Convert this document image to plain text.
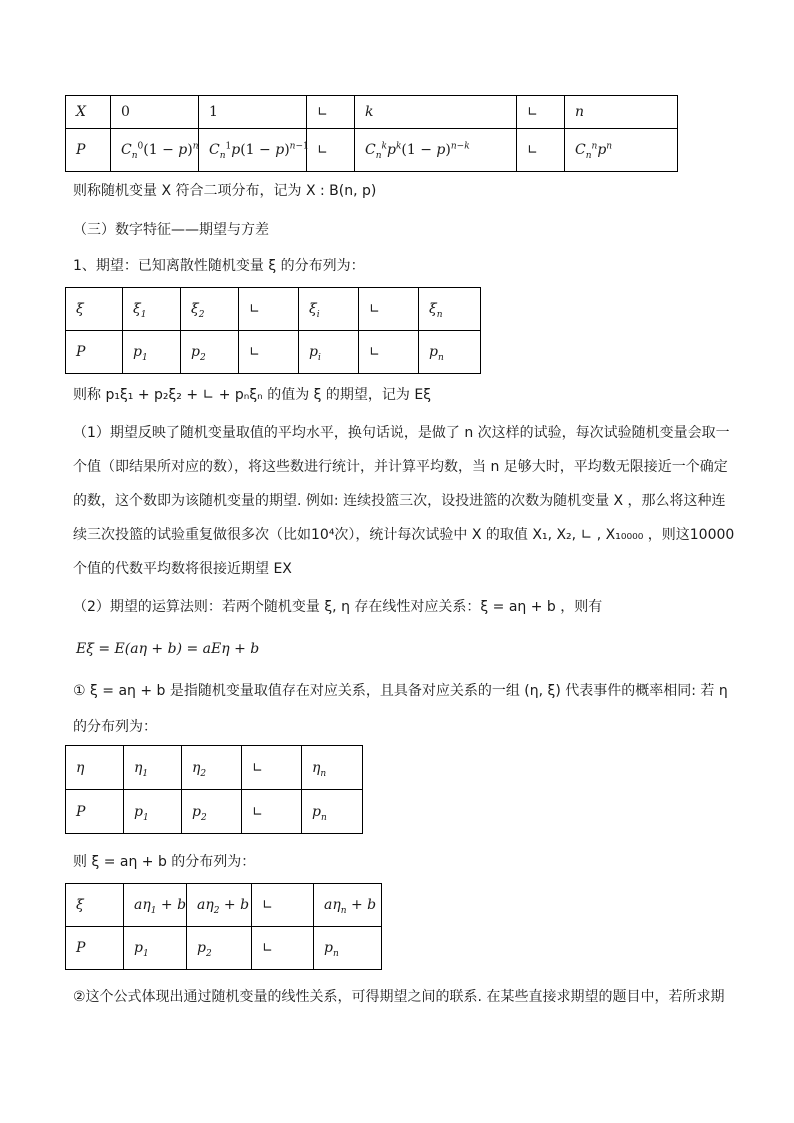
X	0	1	∟	k	∟	n
P	$C_n^0(1 - p)^n$	$C_n^1p(1 - p)^{n-1}$	∟	$C_n^kp^k(1 - p)^{n-k}$	∟	$C_n^np^n$
则称随机变量 X 符合二项分布，记为 X : B(n, p)
（三）数字特征——期望与方差
1、期望：已知离散性随机变量 ξ 的分布列为：
ξ	$\xi_1$	$\xi_2$	∟	$\xi_i$	∟	$\xi_n$
P	$p_1$	$p_2$	∟	$p_i$	∟	$p_n$
则称 p₁ξ₁ + p₂ξ₂ + ∟ + pₙξₙ 的值为 ξ 的期望，记为 Eξ
（1）期望反映了随机变量取值的平均水平，换句话说，是做了 n 次这样的试验，每次试验随机变量会取一
个值（即结果所对应的数），将这些数进行统计，并计算平均数，当 n 足够大时，平均数无限接近一个确定
的数，这个数即为该随机变量的期望. 例如: 连续投篮三次，设投进篮的次数为随机变量 X ，那么将这种连
续三次投篮的试验重复做很多次（比如10⁴次），统计每次试验中 X 的取值 X₁, X₂, ∟ , X₁₀₀₀₀ ，则这10000
个值的代数平均数将很接近期望 EX
（2）期望的运算法则：若两个随机变量 ξ, η 存在线性对应关系：ξ = aη + b ，则有
Eξ = E(aη + b) = aEη + b
① ξ = aη + b 是指随机变量取值存在对应关系，且具备对应关系的一组 (η, ξ) 代表事件的概率相同: 若 η
的分布列为：
η	$\eta_1$	$\eta_2$	∟	$\eta_n$
P	$p_1$	$p_2$	∟	$p_n$
则 ξ = aη + b 的分布列为：
ξ	$a\eta_1 + b$	$a\eta_2 + b$	∟	$a\eta_n + b$
P	$p_1$	$p_2$	∟	$p_n$
②这个公式体现出通过随机变量的线性关系，可得期望之间的联系. 在某些直接求期望的题目中，若所求期
